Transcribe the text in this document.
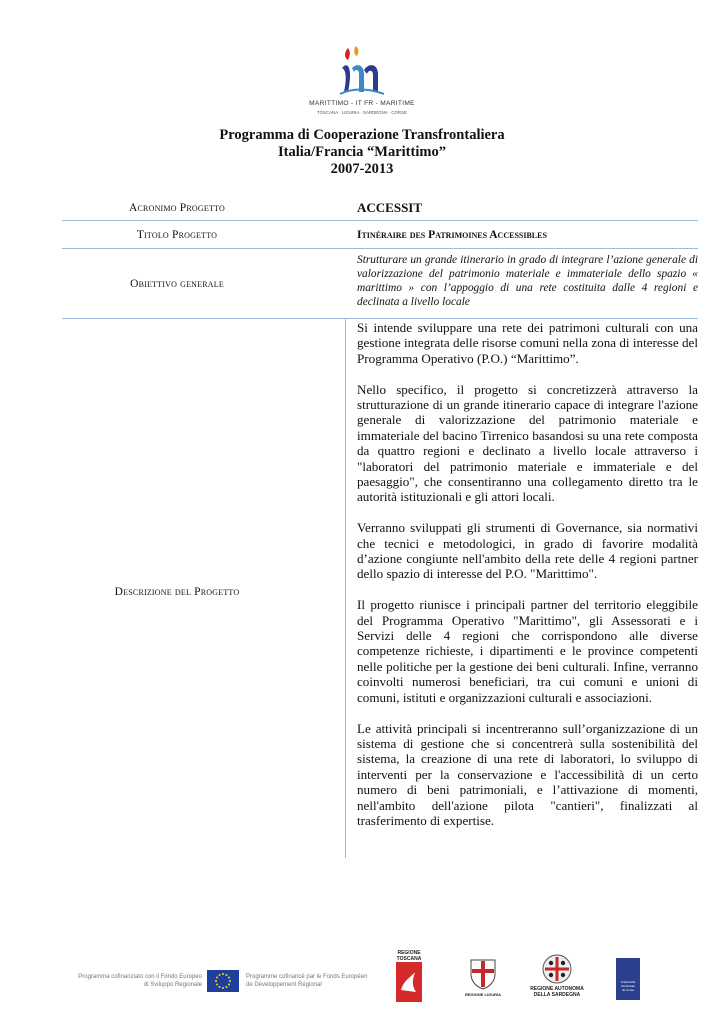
MARITTIMO - IT FR - MARITIME
TOSCANA · LIGURIA · SARDEGNA · CORSE
Programma di Cooperazione Transfrontaliera
Italia/Francia “Marittimo”
2007-2013
Acronimo Progetto	ACCESSIT
Titolo Progetto	Itinéraire des Patrimoines Accessibles
Obiettivo generale
Strutturare un grande itinerario in grado di integrare l’azione generale di valorizzazione del patrimonio materiale e immateriale dello spazio « marittimo » con l’appoggio di una rete costituita dalle 4 regioni e declinata a livello locale
Descrizione del Progetto

Si intende sviluppare una rete dei patrimoni culturali con una gestione integrata delle risorse comuni nella zona di interesse del Programma Operativo (P.O.) “Marittimo”.

Nello specifico, il progetto si concretizzerà attraverso la strutturazione di un grande itinerario capace di integrare l'azione generale di valorizzazione del patrimonio materiale e immateriale del bacino Tirrenico basandosi su una rete composta da quattro regioni e declinato a livello locale attraverso i "laboratori del patrimonio materiale e immateriale e del paesaggio", che consentiranno una collegamento diretto tra le autorità istituzionali e gli attori locali.

Verranno sviluppati gli strumenti di Governance, sia normativi che tecnici e metodologici, in grado di favorire modalità d’azione congiunte nell'ambito della rete delle 4 regioni partner dello spazio di interesse del P.O. "Marittimo".

Il progetto riunisce i principali partner del territorio eleggibile del Programma Operativo "Marittimo", gli Assessorati e i Servizi delle 4 regioni che corrispondono alle diverse competenze richieste, i dipartimenti e le province competenti nelle politiche per la gestione dei beni culturali. Infine, verranno coinvolti numerosi beneficiari, tra cui comuni e unioni di comuni, istituti e organizzazioni culturali e associazioni.

Le attività principali si incentreranno sull’organizzazione di un sistema di gestione che si concentrerà sulla sostenibilità del sistema, la creazione di una rete di laboratori, lo sviluppo di interventi per la conservazione e l'accessibilità di un certo numero di beni patrimoniali, e l’attivazione di momenti, nell'ambito dell'azione pilota "cantieri", finalizzati al trasferimento di expertise.

Programma cofinanziato con il Fondo Europeo
di Sviluppo Regionale
Programme cofinancé par le Fonds Européen
de Développement Régional
REGIONE
TOSCANA
REGIONE LIGURIA
REGIONE AUTONOMA
DELLA SARDEGNA
Collectivité
Territoriale
de Corse
